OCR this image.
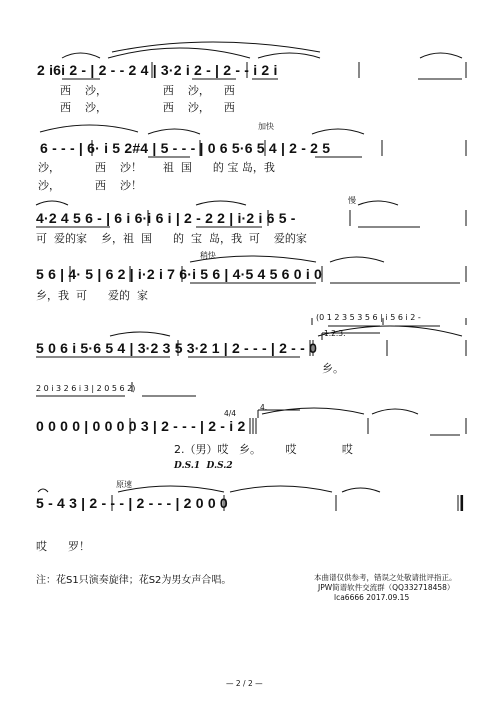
2 i6i 2 - | 2 - - 2 4 | 3·2 i 2 - | 2 - - i 2 i
西    沙，                西    沙，    西
西    沙，                西    沙，    西
加快
6 - - - | 6· i 5 2#4 | 5 - - - | 0 6 5·6 5 4 | 2 - 2 5
沙，          西    沙！      祖  国      的 宝 岛，我
沙，          西    沙！
慢
4·2 4 5 6 - | 6 i 6·i 6 i | 2 - 2 2 | i·2 i 6 5 -
可  爱的家    乡，祖  国      的  宝  岛，我  可    爱的家
稍快
5 6 | 4· 5 | 6 2 | i·2 i 7 6·i 5 6 | 4·5 4 5 6 0 i 0
乡，我  可      爱的  家
(0 1 2 3 5 3 5 6 | i 5 6 i 2 -
1.2.3.
5 0 6 i 5·6 5 4 | 3·2 3 5 3·2 1 | 2 - - - | 2 - - 0
乡。
2 0 i 3 2 6 i 3 | 2 0 5 6 2)
4/4
4.
0 0 0 0 | 0 0 0 0 3 | 2 - - - | 2 - i 2
2.（男）哎   乡。       哎             哎
D.S.1  D.S.2
原速
5 - 4 3 | 2 - - - | 2 - - - | 2 0 0 0
哎      罗！
注：花S1只演奏旋律；花S2为男女声合唱。	本曲谱仅供参考，错误之处敬请批评指正。
JPW简谱软件交流群（QQ332718458）
lca6666 2017.09.15
— 2 / 2 —
